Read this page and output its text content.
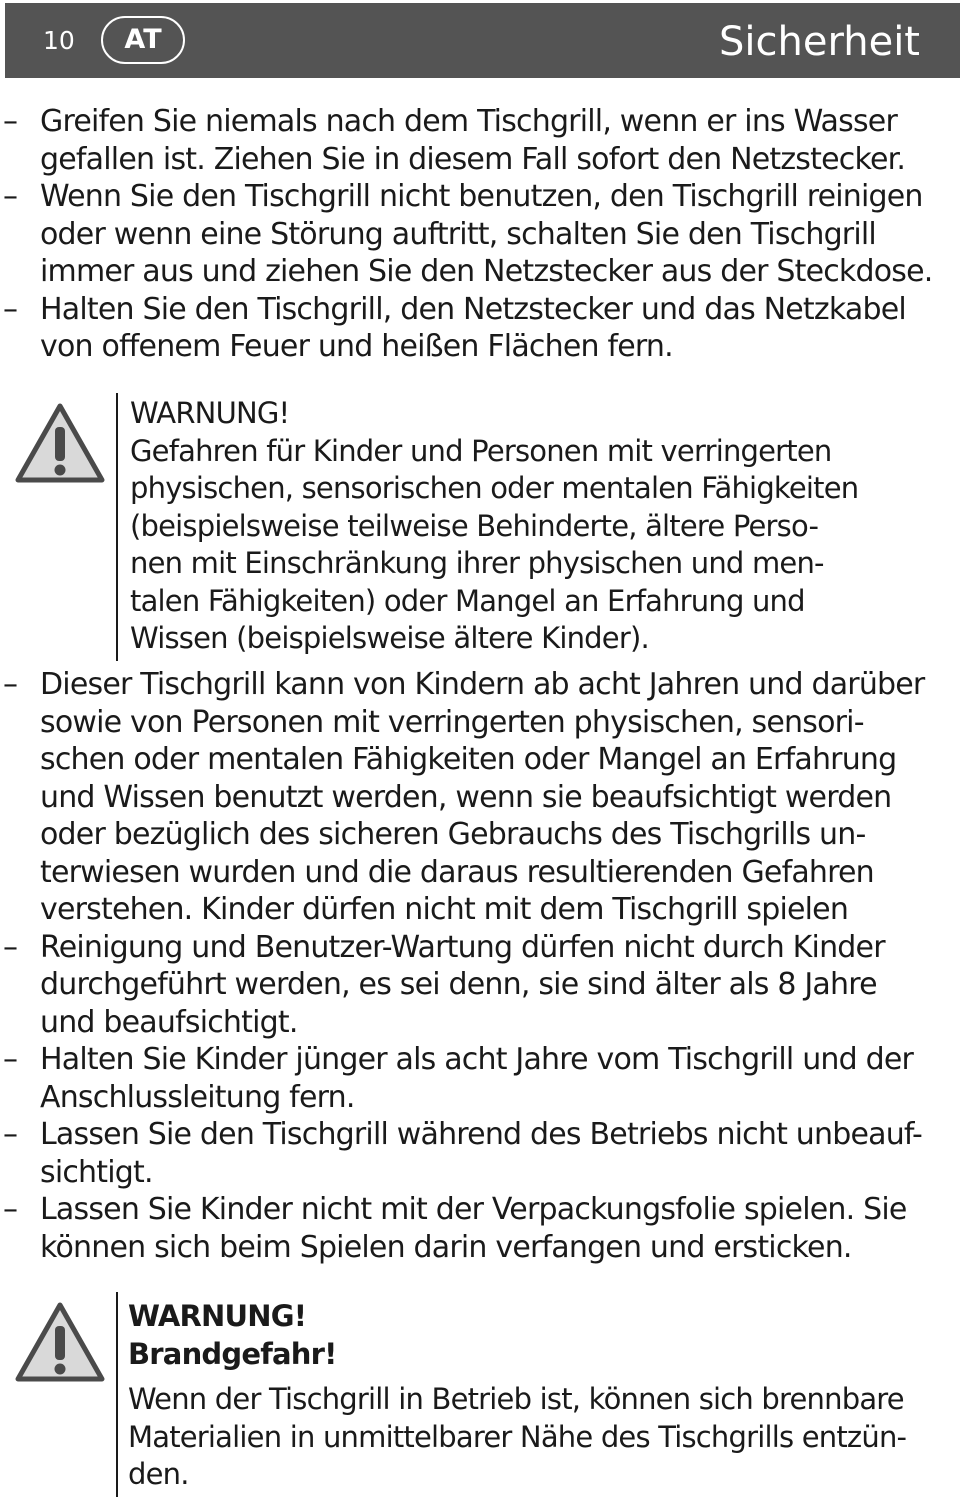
10	AT	Sicherheit
– Greifen Sie niemals nach dem Tischgrill, wenn er ins Wasser
gefallen ist. Ziehen Sie in diesem Fall sofort den Netzstecker.
– Wenn Sie den Tischgrill nicht benutzen, den Tischgrill reinigen
oder wenn eine Störung auftritt, schalten Sie den Tischgrill
immer aus und ziehen Sie den Netzstecker aus der Steckdose.
– Halten Sie den Tischgrill, den Netzstecker und das Netzkabel
von offenem Feuer und heißen Flächen fern.
WARNUNG!
Gefahren für Kinder und Personen mit verringerten
physischen, sensorischen oder mentalen Fähigkeiten
(beispielsweise teilweise Behinderte, ältere Perso-
nen mit Einschränkung ihrer physischen und men-
talen Fähigkeiten) oder Mangel an Erfahrung und
Wissen (beispielsweise ältere Kinder).
– Dieser Tischgrill kann von Kindern ab acht Jahren und darüber
sowie von Personen mit verringerten physischen, sensori-
schen oder mentalen Fähigkeiten oder Mangel an Erfahrung
und Wissen benutzt werden, wenn sie beaufsichtigt werden
oder bezüglich des sicheren Gebrauchs des Tischgrills un-
terwiesen wurden und die daraus resultierenden Gefahren
verstehen. Kinder dürfen nicht mit dem Tischgrill spielen
– Reinigung und Benutzer-Wartung dürfen nicht durch Kinder
durchgeführt werden, es sei denn, sie sind älter als 8 Jahre
und beaufsichtigt.
– Halten Sie Kinder jünger als acht Jahre vom Tischgrill und der
Anschlussleitung fern.
– Lassen Sie den Tischgrill während des Betriebs nicht unbeauf-
sichtigt.
– Lassen Sie Kinder nicht mit der Verpackungsfolie spielen. Sie
können sich beim Spielen darin verfangen und ersticken.
WARNUNG!
Brandgefahr!
Wenn der Tischgrill in Betrieb ist, können sich brennbare
Materialien in unmittelbarer Nähe des Tischgrills entzün-
den.
